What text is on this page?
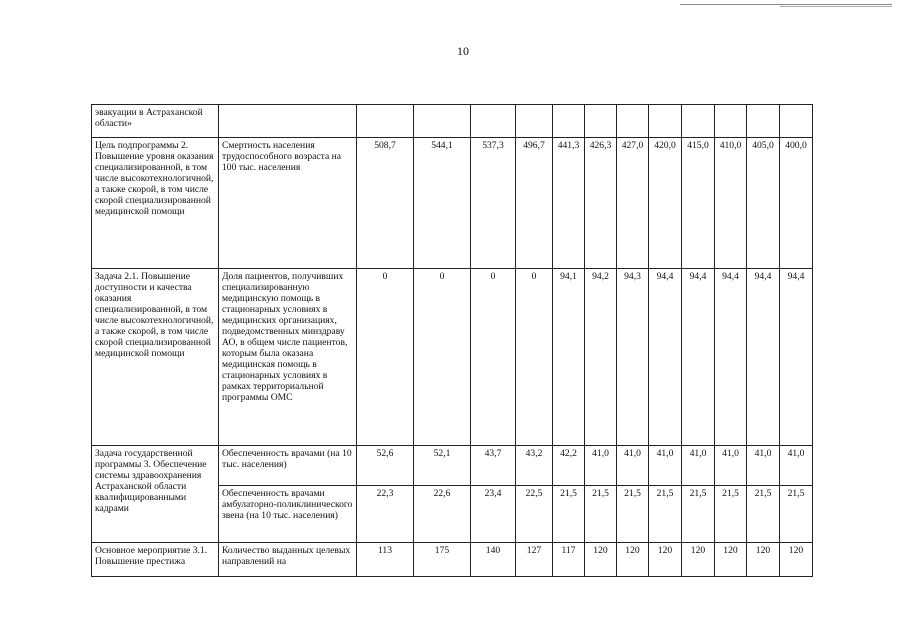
10
эвакуации в Астраханской области»													
Цель подпрограммы 2. Повышение уровня оказания специализированной, в том числе высокотехнологичной, а также скорой, в том числе скорой специализированной медицинской помощи	Смертность населения трудоспособного возраста на 100 тыс. населения	508,7	544,1	537,3	496,7	441,3	426,3	427,0	420,0	415,0	410,0	405,0	400,0
Задача 2.1. Повышение доступности и качества оказания специализированной, в том числе высокотехнологичной, а также скорой, в том числе скорой специализированной медицинской помощи	Доля пациентов, получивших специализированную медицинскую помощь в стационарных условиях в медицинских организациях, подведомственных минздраву АО, в общем числе пациентов, которым была оказана медицинская помощь в стационарных условиях в рамках территориальной программы ОМС	0	0	0	0	94,1	94,2	94,3	94,4	94,4	94,4	94,4	94,4
Задача государственной программы 3. Обеспечение системы здравоохранения Астраханской области квалифицированными кадрами	Обеспеченность врачами (на 10 тыс. населения)	52,6	52,1	43,7	43,2	42,2	41,0	41,0	41,0	41,0	41,0	41,0	41,0
	Обеспеченность врачами амбулаторно-поликлинического звена (на 10 тыс. населения)	22,3	22,6	23,4	22,5	21,5	21,5	21,5	21,5	21,5	21,5	21,5	21,5
Основное мероприятие 3.1. Повышение престижа	Количество выданных целевых направлений на	113	175	140	127	117	120	120	120	120	120	120	120
